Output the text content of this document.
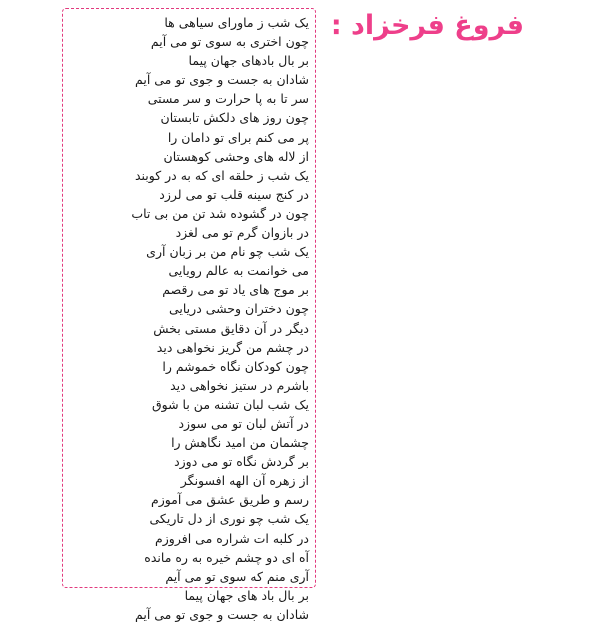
فروغ فرخزاد :
یک شب ز ماورای سیاهی ها
چون اختری به سوی تو می آیم
بر بال بادهای جهان پیما
شادان به جست و جوی تو می آیم
سر تا به پا حرارت و سر مستی
چون روز های دلکش تابستان
پر می کنم برای تو دامان را
از لاله های وحشی کوهستان
یک شب ز حلقه ای که به در کوبند
در کنج سینه قلب تو می لرزد
چون در گشوده شد تن من بی تاب
در بازوان گرم تو می لغزد
یک شب چو نام من بر زبان آری
می خوانمت به عالم رویایی
بر موج های یاد تو می رقصم
چون دختران وحشی دریایی
دیگر در آن دقایق مستی بخش
در چشم من گریز نخواهی دید
چون کودکان نگاه خموشم را
باشرم در ستیز نخواهی دید
یک شب لبان تشنه من با شوق
در آتش لبان تو می سوزد
چشمان من امید نگاهش را
بر گردش نگاه تو می دوزد
از زهره آن الهه افسونگر
رسم و طریق عشق می آموزم
یک شب چو نوری از دل تاریکی
در کلبه ات شراره می افروزم
آه ای دو چشم خیره به ره مانده
آری منم که سوی تو می آیم
بر بال باد های جهان پیما
شادان به جست و جوی تو می آیم
